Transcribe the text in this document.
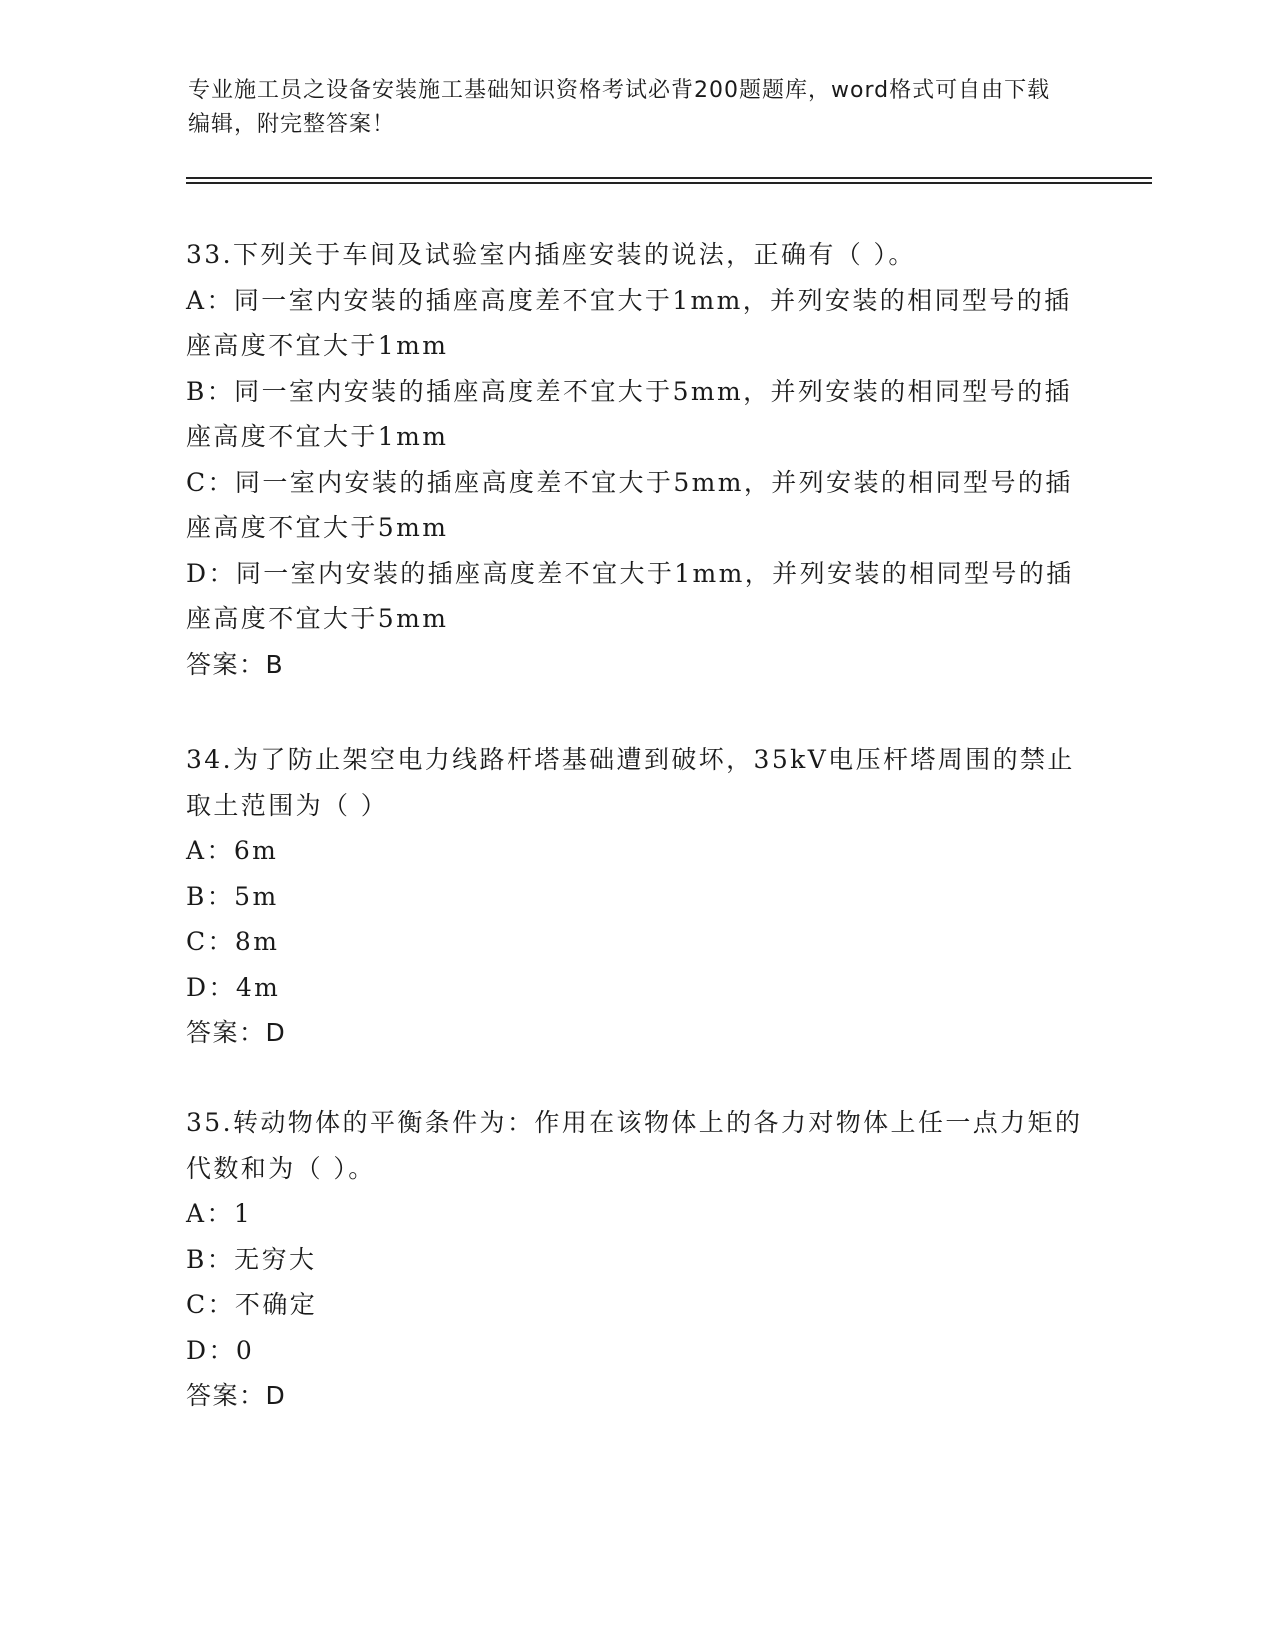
专业施工员之设备安装施工基础知识资格考试必背200题题库，word格式可自由下载编辑，附完整答案！

33.下列关于车间及试验室内插座安装的说法，正确有（ ）。

A：同一室内安装的插座高度差不宜大于1mm，并列安装的相同型号的插座高度不宜大于1mm

B：同一室内安装的插座高度差不宜大于5mm，并列安装的相同型号的插座高度不宜大于1mm

C：同一室内安装的插座高度差不宜大于5mm，并列安装的相同型号的插座高度不宜大于5mm

D：同一室内安装的插座高度差不宜大于1mm，并列安装的相同型号的插座高度不宜大于5mm

答案：B

34.为了防止架空电力线路杆塔基础遭到破坏，35kV电压杆塔周围的禁止取土范围为（ ）

A：6m

B：5m

C：8m

D：4m

答案：D

35.转动物体的平衡条件为：作用在该物体上的各力对物体上任一点力矩的代数和为（ ）。

A：1

B：无穷大

C：不确定

D：0

答案：D
